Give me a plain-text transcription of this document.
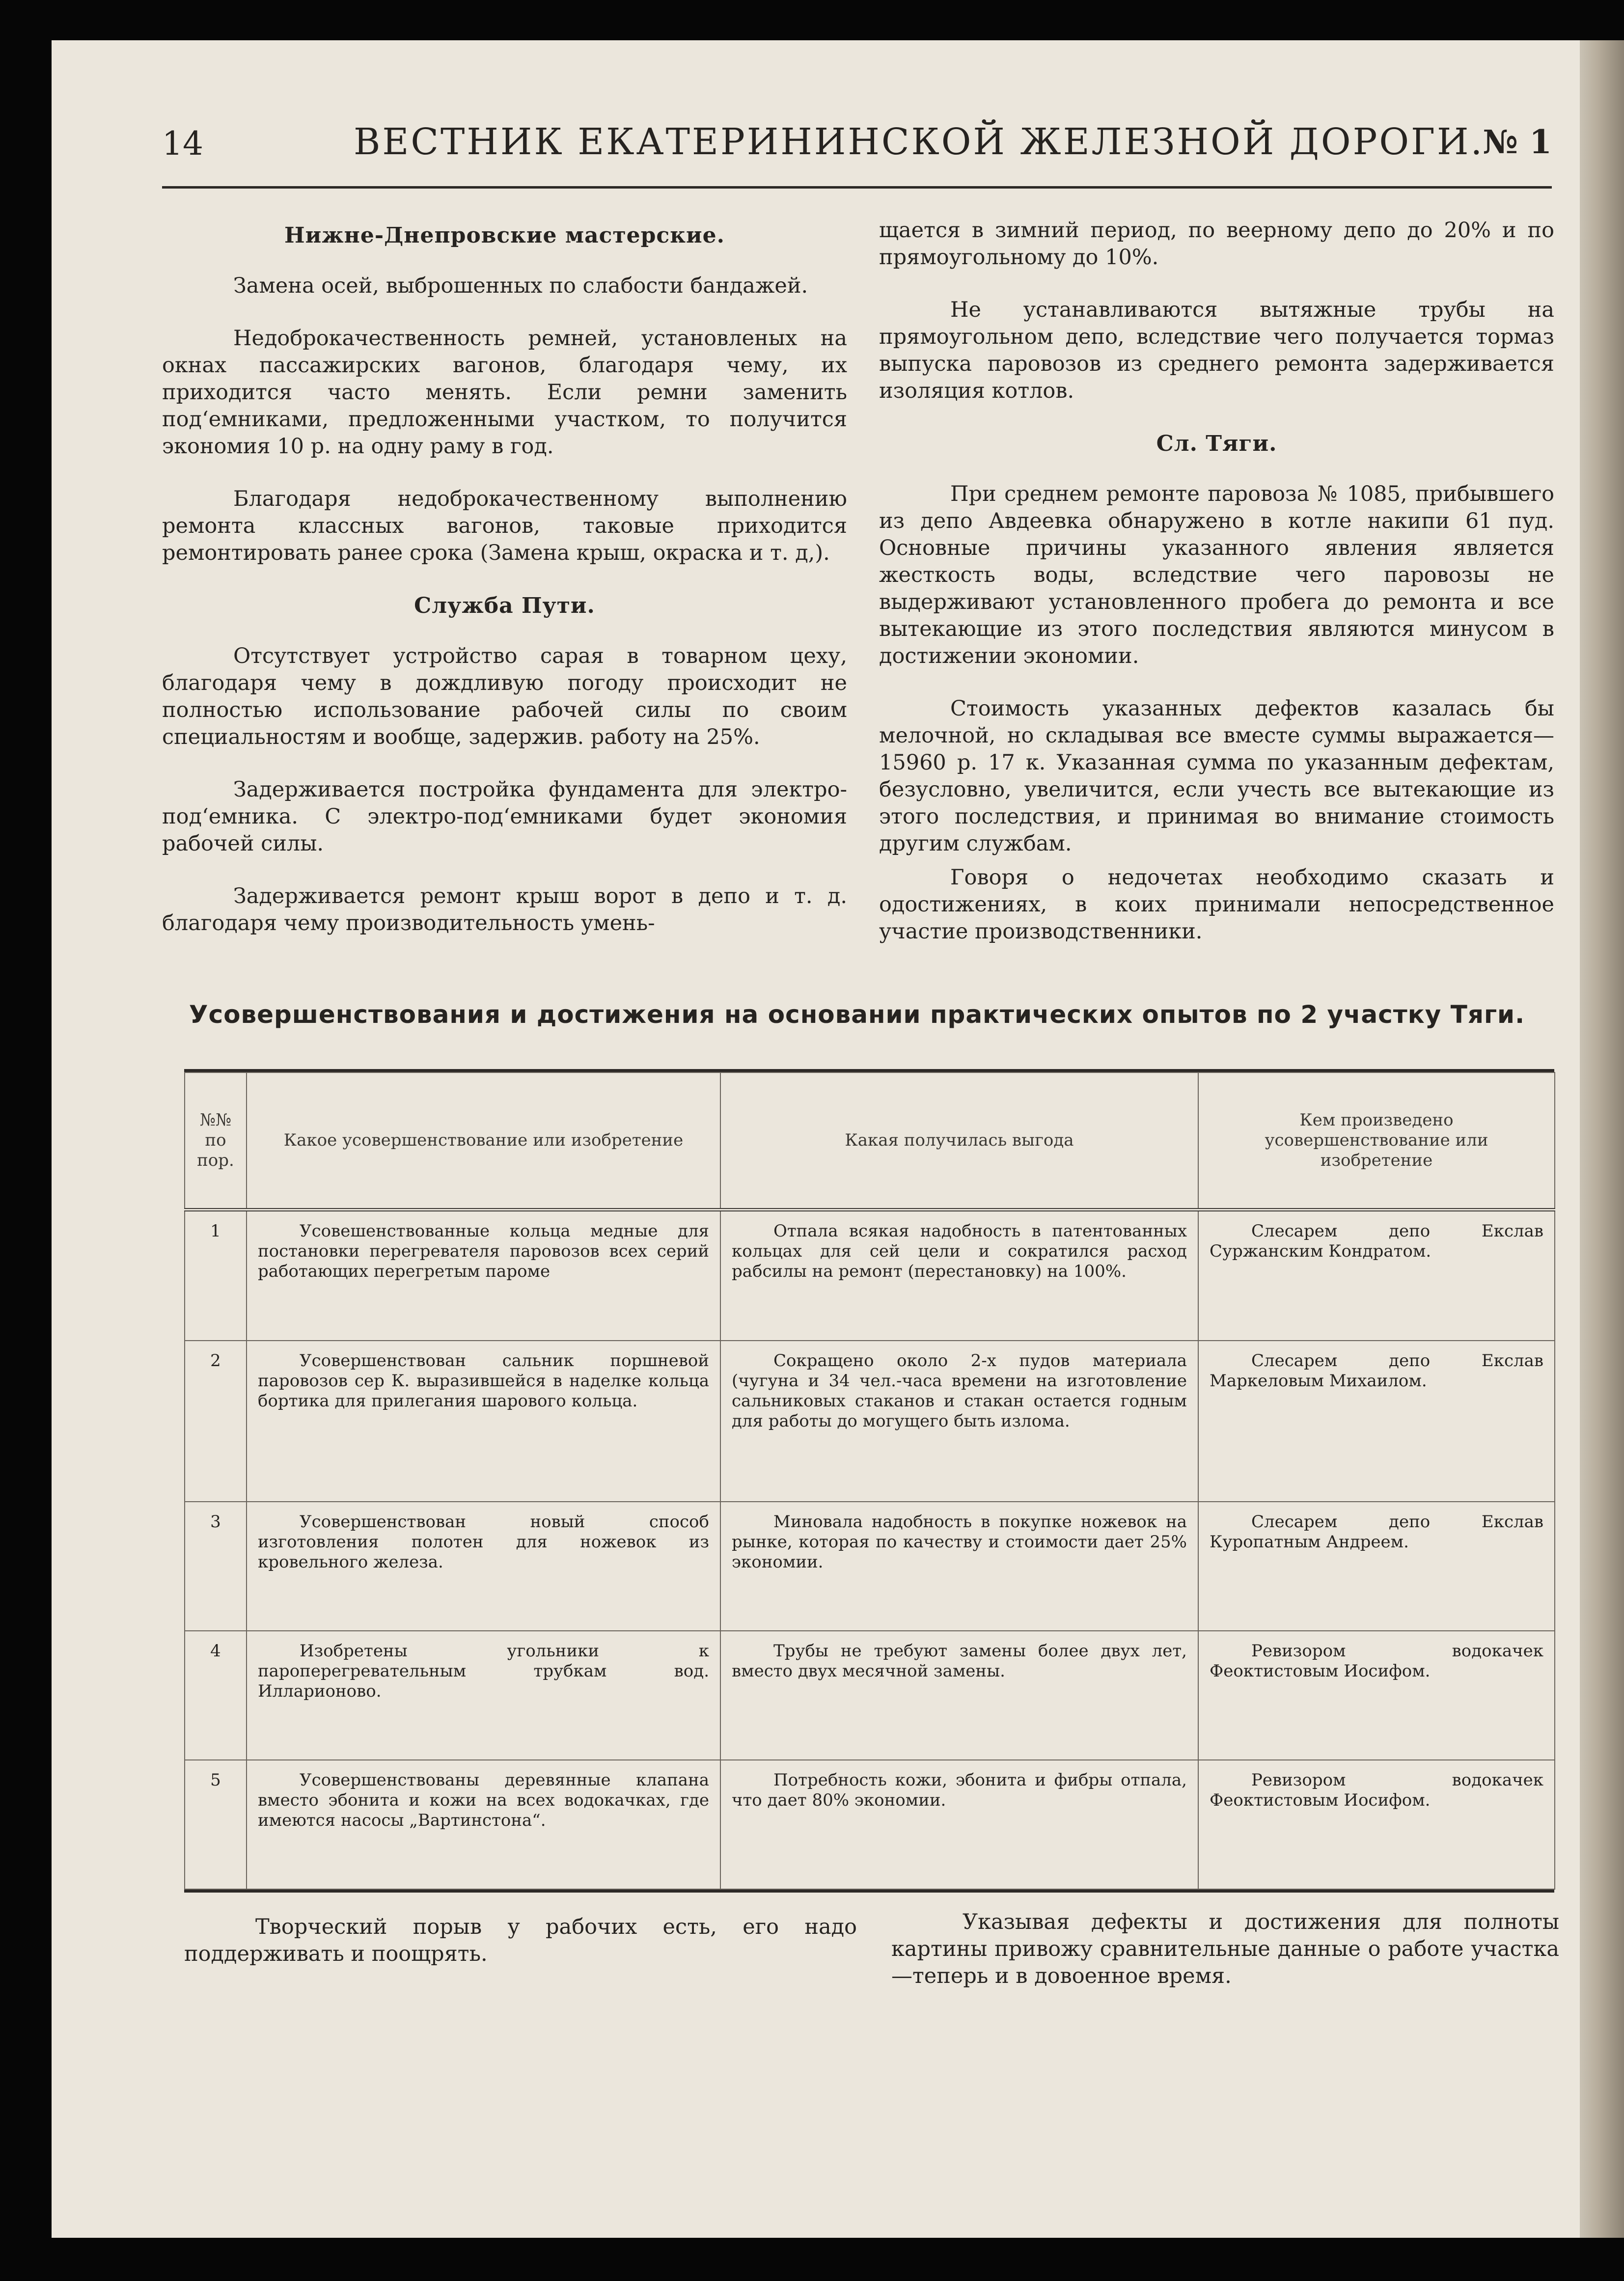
14	ВЕСТНИК ЕКАТЕРИНИНСКОЙ ЖЕЛЕЗНОЙ ДОРОГИ.
№ 1
Нижне-Днепровские мастерские.

Замена осей, выброшенных по слабости бандажей.

Недоброкачественность ремней, установленых на окнах пассажирских вагонов, благодаря чему, их приходится часто менять. Если ремни заменить под‘емниками, предложенными участком, то получится экономия 10 р. на одну раму в год.

Благодаря недоброкачественному выполнению ремонта классных вагонов, таковые приходится ремонтировать ранее срока (Замена крыш, окраска и т. д,).

Служба Пути.

Отсутствует устройство сарая в товарном цеху, благодаря чему в дождливую погоду происходит не полностью использование рабочей силы по своим специальностям и вообще, задержив. работу на 25%.

Задерживается постройка фундамента для электро-под‘емника. С электро-под‘емниками будет экономия рабочей силы.

Задерживается ремонт крыш ворот в депо и т. д. благодаря чему производительность умень-

щается в зимний период, по веерному депо до 20% и по прямоугольному до 10%.

Не устанавливаются вытяжные трубы на прямоугольном депо, вследствие чего получается тормаз выпуска паровозов из среднего ремонта задерживается изоляция котлов.

Сл. Тяги.

При среднем ремонте паровоза № 1085, прибывшего из депо Авдеевка обнаружено в котле накипи 61 пуд. Основные причины указанного явления является жесткость воды, вследствие чего паровозы не выдерживают установленного пробега до ремонта и все вытекающие из этого последствия являются минусом в достижении экономии.

Стоимость указанных дефектов казалась бы мелочной, но складывая все вместе суммы выражается—15960 р. 17 к. Указанная сумма по указанным дефектам, безусловно, увеличится, если учесть все вытекающие из этого последствия, и принимая во внимание стоимость другим службам.

Говоря о недочетах необходимо сказать и одостижениях, в коих принимали непосредственное участие производственники.

Усовершенствования и достижения на основании практических опытов по 2 участку Тяги.
№№ по пор.	Какое усовершенствование или изобретение	Какая получилась выгода	Кем произведено усовершенствование или изобретение
1	Усовешенствованные кольца медные для постановки перегревателя паровозов всех серий работающих перегретым пароме	Отпала всякая надобность в патентованных кольцах для сей цели и сократился расход рабсилы на ремонт (перестановку) на 100%.	Слесарем депо Екслав Суржанским Кондратом.

2	Усовершенствован сальник поршневой паровозов сер К. выразившейся в наделке кольца бортика для прилегания шарового кольца.	Сокращено около 2-х пудов материала (чугуна и 34 чел.-часа времени на изготовление сальниковых стаканов и стакан остается годным для работы до могущего быть излома.	Слесарем депо Екслав Маркеловым Михаилом.

3	Усовершенствован новый способ изготовления полотен для ножевок из кровельного железа.	Миновала надобность в покупке ножевок на рынке, которая по качеству и стоимости дает 25% экономии.	Слесарем депо Екслав Куропатным Андреем.

4	Изобретены угольники к пароперегревательным трубкам вод. Илларионово.	Трубы не требуют замены более двух лет, вместо двух месячной замены.	Ревизором водокачек Феоктистовым Иосифом.

5	Усовершенствованы деревянные клапана вместо эбонита и кожи на всех водокачках, где имеются насосы „Вартинстона“.	Потребность кожи, эбонита и фибры отпала, что дает 80% экономии.	Ревизором водокачек Феоктистовым Иосифом.

Творческий порыв у рабочих есть, его надо поддерживать и поощрять.

Указывая дефекты и достижения для полноты картины привожу сравнительные данные о работе участка—теперь и в довоенное время.
